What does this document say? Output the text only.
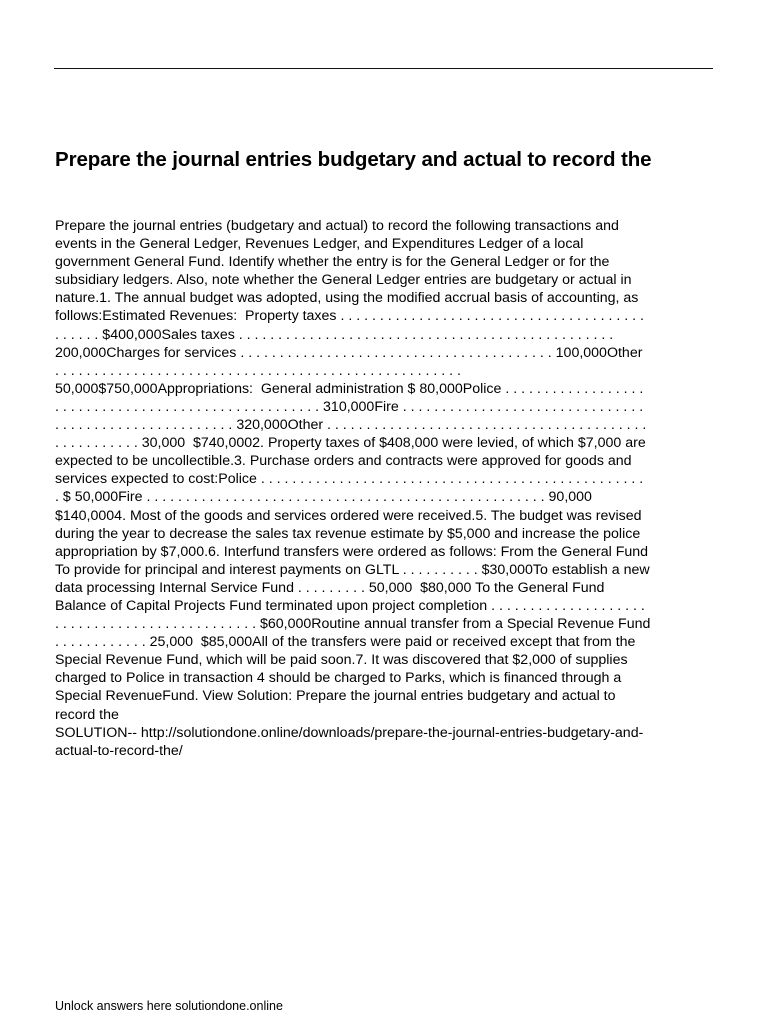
Prepare the journal entries budgetary and actual to record the
Prepare the journal entries (budgetary and actual) to record the following transactions and
events in the General Ledger, Revenues Ledger, and Expenditures Ledger of a local
government General Fund. Identify whether the entry is for the General Ledger or for the
subsidiary ledgers. Also, note whether the General Ledger entries are budgetary or actual in
nature.1. The annual budget was adopted, using the modified accrual basis of accounting, as
follows:Estimated Revenues:  Property taxes . . . . . . . . . . . . . . . . . . . . . . . . . . . . . . . . . . . . . . .
. . . . . . $400,000Sales taxes . . . . . . . . . . . . . . . . . . . . . . . . . . . . . . . . . . . . . . . . . . . . . . . .
200,000Charges for services . . . . . . . . . . . . . . . . . . . . . . . . . . . . . . . . . . . . . . . . 100,000Other
. . . . . . . . . . . . . . . . . . . . . . . . . . . . . . . . . . . . . . . . . . . . . . . . . . . .
50,000$750,000Appropriations:  General administration $ 80,000Police . . . . . . . . . . . . . . . . . .
. . . . . . . . . . . . . . . . . . . . . . . . . . . . . . . . . . 310,000Fire . . . . . . . . . . . . . . . . . . . . . . . . . . . . . . .
. . . . . . . . . . . . . . . . . . . . . . . 320,000Other . . . . . . . . . . . . . . . . . . . . . . . . . . . . . . . . . . . . . . . . .
. . . . . . . . . . . 30,000  $740,0002. Property taxes of $408,000 were levied, of which $7,000 are
expected to be uncollectible.3. Purchase orders and contracts were approved for goods and
services expected to cost:Police . . . . . . . . . . . . . . . . . . . . . . . . . . . . . . . . . . . . . . . . . . . . . . . . .
. $ 50,000Fire . . . . . . . . . . . . . . . . . . . . . . . . . . . . . . . . . . . . . . . . . . . . . . . . . . . 90,000
$140,0004. Most of the goods and services ordered were received.5. The budget was revised
during the year to decrease the sales tax revenue estimate by $5,000 and increase the police
appropriation by $7,000.6. Interfund transfers were ordered as follows: From the General Fund
To provide for principal and interest payments on GLTL . . . . . . . . . . $30,000To establish a new
data processing Internal Service Fund . . . . . . . . . 50,000  $80,000 To the General Fund
Balance of Capital Projects Fund terminated upon project completion . . . . . . . . . . . . . . . . . . . .
. . . . . . . . . . . . . . . . . . . . . . . . . . $60,000Routine annual transfer from a Special Revenue Fund
. . . . . . . . . . . . 25,000  $85,000All of the transfers were paid or received except that from the
Special Revenue Fund, which will be paid soon.7. It was discovered that $2,000 of supplies
charged to Police in transaction 4 should be charged to Parks, which is financed through a
Special RevenueFund. View Solution: Prepare the journal entries budgetary and actual to
record the
SOLUTION-- http://solutiondone.online/downloads/prepare-the-journal-entries-budgetary-and-
actual-to-record-the/
Unlock answers here solutiondone.online
